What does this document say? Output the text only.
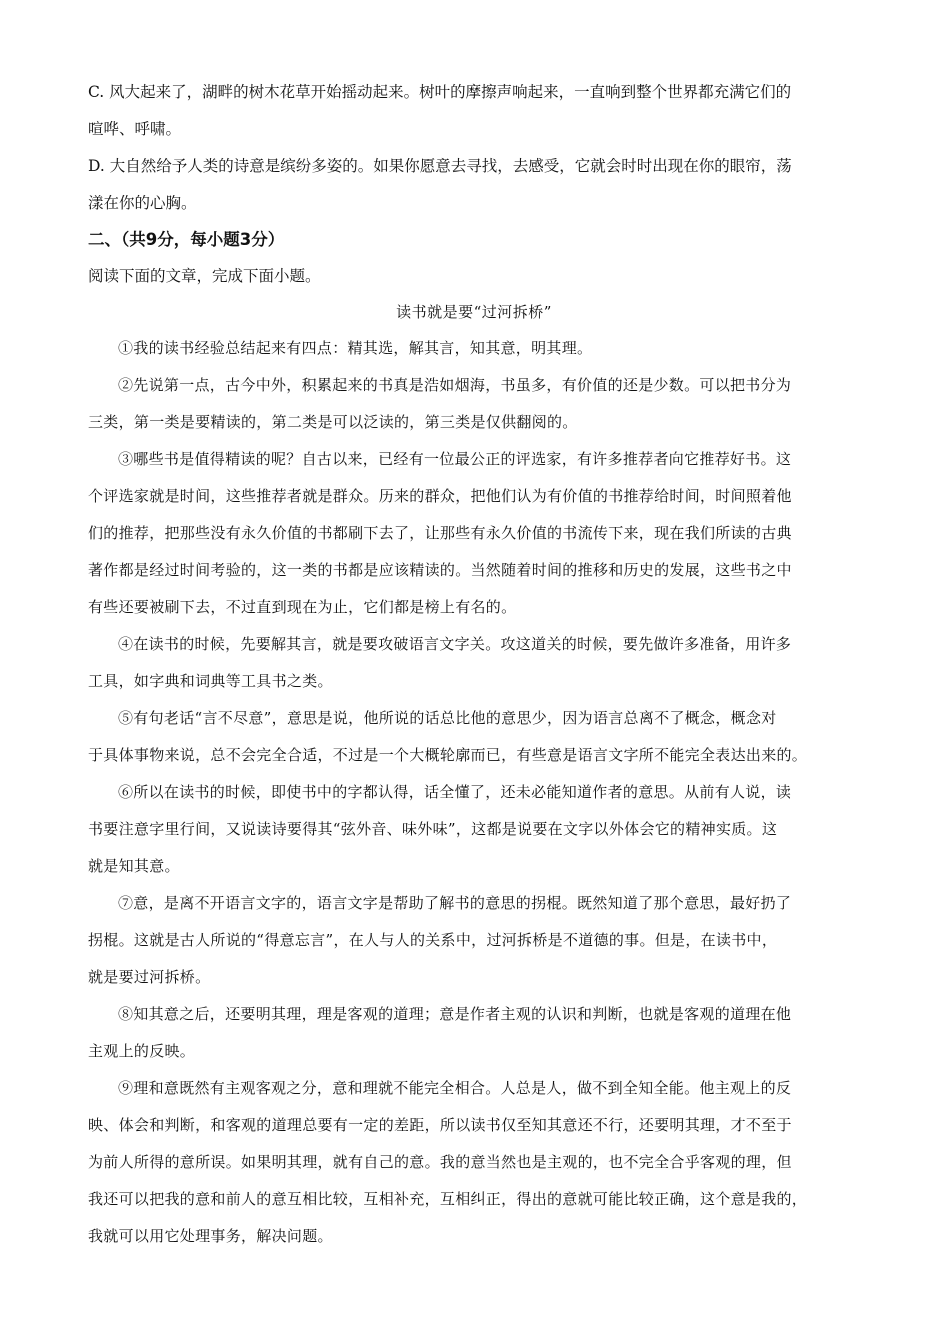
C. 风大起来了，湖畔的树木花草开始摇动起来。树叶的摩擦声响起来，一直响到整个世界都充满它们的

喧哗、呼啸。

D. 大自然给予人类的诗意是缤纷多姿的。如果你愿意去寻找，去感受，它就会时时出现在你的眼帘，荡

漾在你的心胸。

二、（共9分，每小题3分）

阅读下面的文章，完成下面小题。

读书就是要“过河拆桥”

①我的读书经验总结起来有四点：精其选，解其言，知其意，明其理。
②先说第一点，古今中外，积累起来的书真是浩如烟海，书虽多，有价值的还是少数。可以把书分为
三类，第一类是要精读的，第二类是可以泛读的，第三类是仅供翻阅的。
③哪些书是值得精读的呢？自古以来，已经有一位最公正的评选家，有许多推荐者向它推荐好书。这
个评选家就是时间，这些推荐者就是群众。历来的群众，把他们认为有价值的书推荐给时间，时间照着他
们的推荐，把那些没有永久价值的书都刷下去了，让那些有永久价值的书流传下来，现在我们所读的古典
著作都是经过时间考验的，这一类的书都是应该精读的。当然随着时间的推移和历史的发展，这些书之中
有些还要被刷下去，不过直到现在为止，它们都是榜上有名的。
④在读书的时候，先要解其言，就是要攻破语言文字关。攻这道关的时候，要先做许多准备，用许多
工具，如字典和词典等工具书之类。
⑤有句老话“言不尽意”，意思是说，他所说的话总比他的意思少，因为语言总离不了概念，概念对
于具体事物来说，总不会完全合适，不过是一个大概轮廓而已，有些意是语言文字所不能完全表达出来的。
⑥所以在读书的时候，即使书中的字都认得，话全懂了，还未必能知道作者的意思。从前有人说，读
书要注意字里行间，又说读诗要得其“弦外音、味外味”，这都是说要在文字以外体会它的精神实质。这
就是知其意。
⑦意，是离不开语言文字的，语言文字是帮助了解书的意思的拐棍。既然知道了那个意思，最好扔了
拐棍。这就是古人所说的“得意忘言”，在人与人的关系中，过河拆桥是不道德的事。但是，在读书中，
就是要过河拆桥。
⑧知其意之后，还要明其理，理是客观的道理；意是作者主观的认识和判断，也就是客观的道理在他
主观上的反映。
⑨理和意既然有主观客观之分，意和理就不能完全相合。人总是人，做不到全知全能。他主观上的反
映、体会和判断，和客观的道理总要有一定的差距，所以读书仅至知其意还不行，还要明其理，才不至于
为前人所得的意所误。如果明其理，就有自己的意。我的意当然也是主观的，也不完全合乎客观的理，但
我还可以把我的意和前人的意互相比较，互相补充，互相纠正，得出的意就可能比较正确，这个意是我的，
我就可以用它处理事务，解决问题。
